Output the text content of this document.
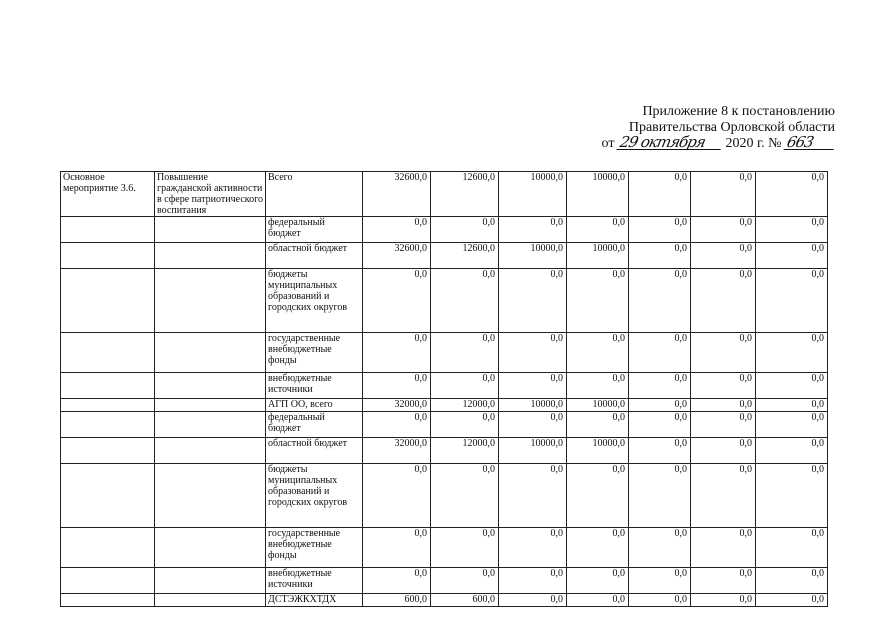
Приложение 8 к постановлению
Правительства Орловской области
от 29 октября 2020 г. № 663
Основное мероприятие 3.6.	Повышение гражданской активности в сфере патриотического воспитания	Всего	32600,0	12600,0	10000,0	10000,0	0,0	0,0	0,0
		федеральный бюджет	0,0	0,0	0,0	0,0	0,0	0,0	0,0
		областной бюджет	32600,0	12600,0	10000,0	10000,0	0,0	0,0	0,0
		бюджеты муниципальных образований и городских округов	0,0	0,0	0,0	0,0	0,0	0,0	0,0
		государственные внебюджетные фонды	0,0	0,0	0,0	0,0	0,0	0,0	0,0
		внебюджетные источники	0,0	0,0	0,0	0,0	0,0	0,0	0,0
		АГП ОО, всего	32000,0	12000,0	10000,0	10000,0	0,0	0,0	0,0
		федеральный бюджет	0,0	0,0	0,0	0,0	0,0	0,0	0,0
		областной бюджет	32000,0	12000,0	10000,0	10000,0	0,0	0,0	0,0
		бюджеты муниципальных образований и городских округов	0,0	0,0	0,0	0,0	0,0	0,0	0,0
		государственные внебюджетные фонды	0,0	0,0	0,0	0,0	0,0	0,0	0,0
		внебюджетные источники	0,0	0,0	0,0	0,0	0,0	0,0	0,0
		ДСТЭЖКХТДХ	600,0	600,0	0,0	0,0	0,0	0,0	0,0
